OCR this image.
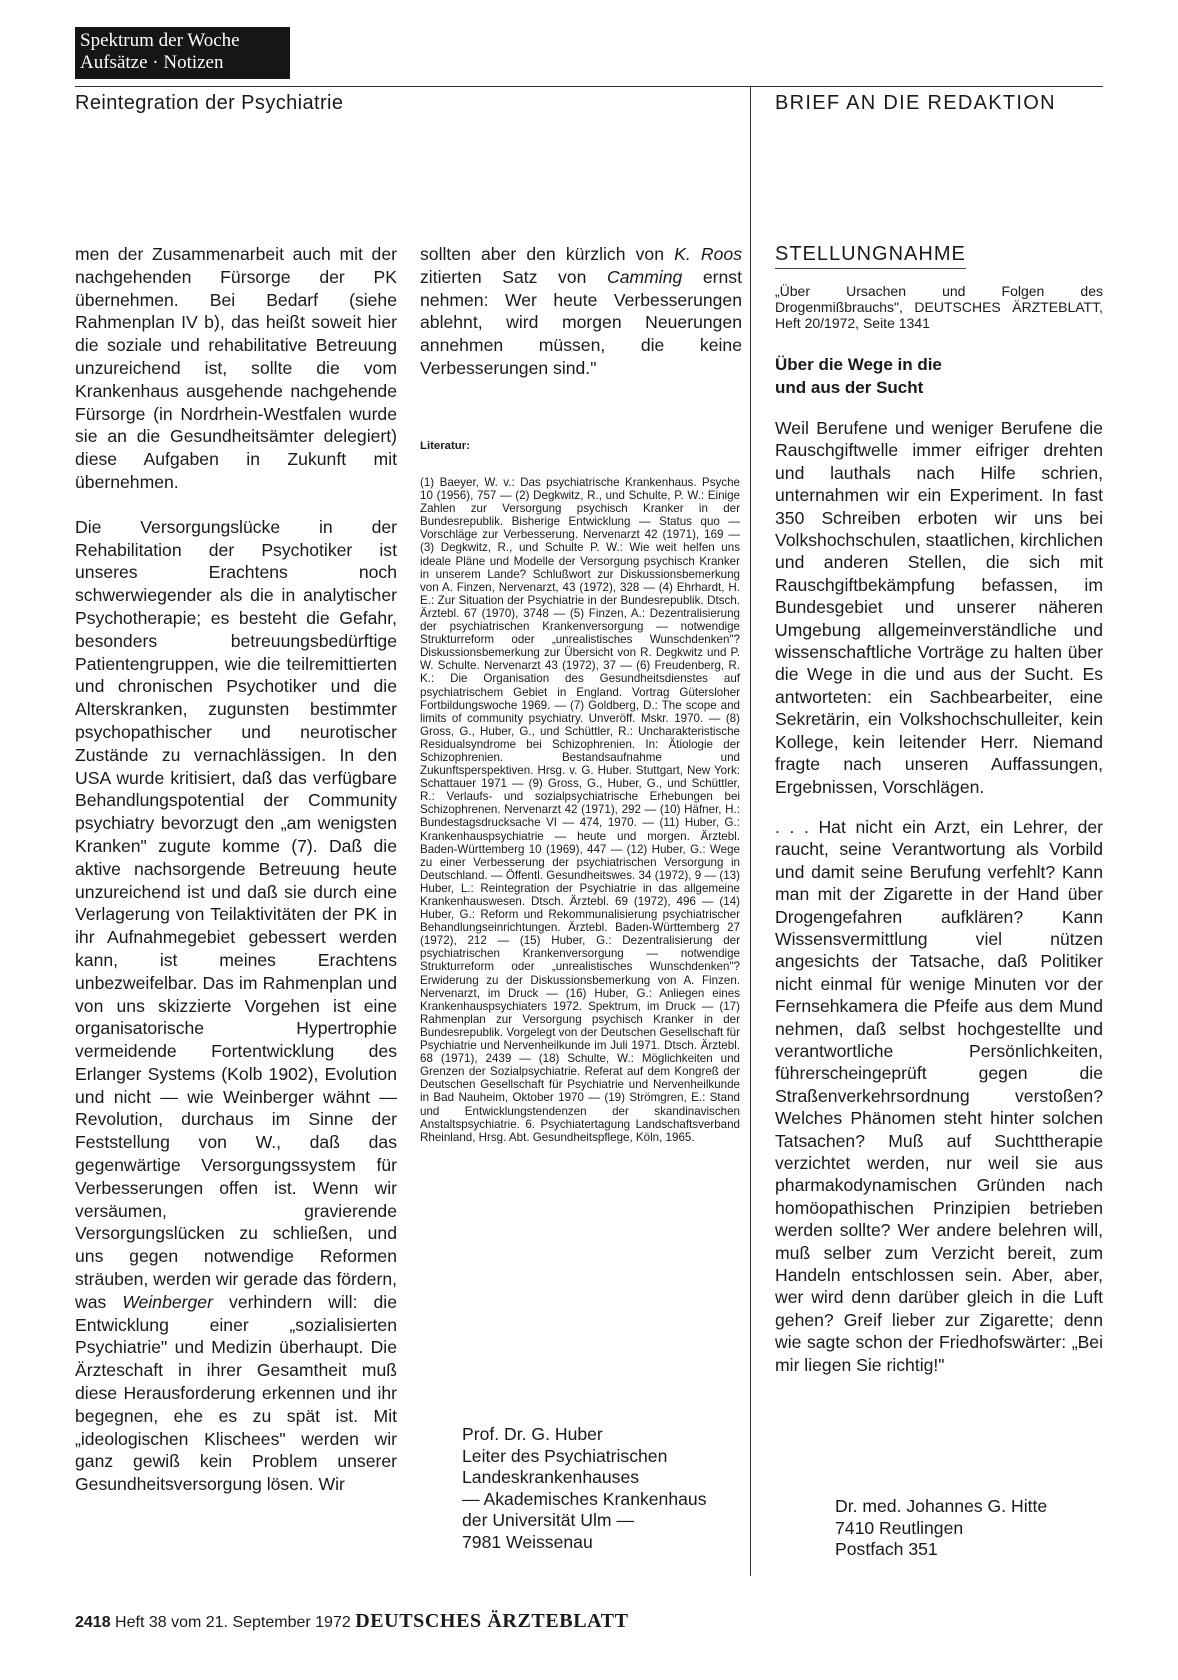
Spektrum der Woche
Aufsätze · Notizen
Reintegration der Psychiatrie	BRIEF AN DIE REDAKTION

men der Zusammenarbeit auch mit der nachgehenden Fürsorge der PK übernehmen. Bei Bedarf (siehe Rahmenplan IV b), das heißt soweit hier die soziale und rehabilitative Betreuung unzureichend ist, sollte die vom Krankenhaus ausgehende nachgehende Fürsorge (in Nordrhein-Westfalen wurde sie an die Gesundheitsämter delegiert) diese Aufgaben in Zukunft mit übernehmen.

Die Versorgungslücke in der Rehabilitation der Psychotiker ist unseres Erachtens noch schwerwiegender als die in analytischer Psychotherapie; es besteht die Gefahr, besonders betreuungsbedürftige Patientengruppen, wie die teilremittierten und chronischen Psychotiker und die Alterskranken, zugunsten bestimmter psychopathischer und neurotischer Zustände zu vernachlässigen. In den USA wurde kritisiert, daß das verfügbare Behandlungspotential der Community psychiatry bevorzugt den „am wenigsten Kranken" zugute komme (7). Daß die aktive nachsorgende Betreuung heute unzureichend ist und daß sie durch eine Verlagerung von Teilaktivitäten der PK in ihr Aufnahmegebiet gebessert werden kann, ist meines Erachtens unbezweifelbar. Das im Rahmenplan und von uns skizzierte Vorgehen ist eine organisatorische Hypertrophie vermeidende Fortentwicklung des Erlanger Systems (Kolb 1902), Evolution und nicht — wie Weinberger wähnt — Revolution, durchaus im Sinne der Feststellung von W., daß das gegenwärtige Versorgungssystem für Verbesserungen offen ist. Wenn wir versäumen, gravierende Versorgungslücken zu schließen, und uns gegen notwendige Reformen sträuben, werden wir gerade das fördern, was Weinberger verhindern will: die Entwicklung einer „sozialisierten Psychiatrie" und Medizin überhaupt. Die Ärzteschaft in ihrer Gesamtheit muß diese Herausforderung erkennen und ihr begegnen, ehe es zu spät ist. Mit „ideologischen Klischees" werden wir ganz gewiß kein Problem unserer Gesundheitsversorgung lösen. Wir

sollten aber den kürzlich von K. Roos zitierten Satz von Camming ernst nehmen: Wer heute Verbesserungen ablehnt, wird morgen Neuerungen annehmen müssen, die keine Verbesserungen sind."

Literatur:
(1) Baeyer, W. v.: Das psychiatrische Krankenhaus. Psyche 10 (1956), 757 — (2) Degkwitz, R., und Schulte, P. W.: Einige Zahlen zur Versorgung psychisch Kranker in der Bundesrepublik. Bisherige Entwicklung — Status quo — Vorschläge zur Verbesserung. Nervenarzt 42 (1971), 169 — (3) Degkwitz, R., und Schulte P. W.: Wie weit helfen uns ideale Pläne und Modelle der Versorgung psychisch Kranker in unserem Lande? Schlußwort zur Diskussionsbemerkung von A. Finzen, Nervenarzt, 43 (1972), 328 — (4) Ehrhardt, H. E.: Zur Situation der Psychiatrie in der Bundesrepublik. Dtsch. Ärztebl. 67 (1970), 3748 — (5) Finzen, A.: Dezentralisierung der psychiatrischen Krankenversorgung — notwendige Strukturreform oder „unrealistisches Wunschdenken"? Diskussionsbemerkung zur Übersicht von R. Degkwitz und P. W. Schulte. Nervenarzt 43 (1972), 37 — (6) Freudenberg, R. K.: Die Organisation des Gesundheitsdienstes auf psychiatrischem Gebiet in England. Vortrag Gütersloher Fortbildungswoche 1969. — (7) Goldberg, D.: The scope and limits of community psychiatry. Unveröff. Mskr. 1970. — (8) Gross, G., Huber, G., und Schüttler, R.: Uncharakteristische Residualsyndrome bei Schizophrenien. In: Ätiologie der Schizophrenien. Bestandsaufnahme und Zukunftsperspektiven. Hrsg. v. G. Huber. Stuttgart, New York: Schattauer 1971 — (9) Gross, G., Huber, G., und Schüttler, R.: Verlaufs- und sozialpsychiatrische Erhebungen bei Schizophrenen. Nervenarzt 42 (1971), 292 — (10) Häfner, H.: Bundestagsdrucksache VI — 474, 1970. — (11) Huber, G.: Krankenhauspsychiatrie — heute und morgen. Ärztebl. Baden-Württemberg 10 (1969), 447 — (12) Huber, G.: Wege zu einer Verbesserung der psychiatrischen Versorgung in Deutschland. — Öffentl. Gesundheitswes. 34 (1972), 9 — (13) Huber, L.: Reintegration der Psychiatrie in das allgemeine Krankenhauswesen. Dtsch. Ärztebl. 69 (1972), 496 — (14) Huber, G.: Reform und Rekommunalisierung psychiatrischer Behandlungseinrichtungen. Ärztebl. Baden-Württemberg 27 (1972), 212 — (15) Huber, G.: Dezentralisierung der psychiatrischen Krankenversorgung — notwendige Strukturreform oder „unrealistisches Wunschdenken"? Erwiderung zu der Diskussionsbemerkung von A. Finzen. Nervenarzt, im Druck — (16) Huber, G.: Anliegen eines Krankenhauspsychiaters 1972. Spektrum, im Druck — (17) Rahmenplan zur Versorgung psychisch Kranker in der Bundesrepublik. Vorgelegt von der Deutschen Gesellschaft für Psychiatrie und Nervenheilkunde im Juli 1971. Dtsch. Ärztebl. 68 (1971), 2439 — (18) Schulte, W.: Möglichkeiten und Grenzen der Sozialpsychiatrie. Referat auf dem Kongreß der Deutschen Gesellschaft für Psychiatrie und Nervenheilkunde in Bad Nauheim, Oktober 1970 — (19) Strömgren, E.: Stand und Entwicklungstendenzen der skandinavischen Anstaltspsychiatrie. 6. Psychiatertagung Landschaftsverband Rheinland, Hrsg. Abt. Gesundheitspflege, Köln, 1965.
Prof. Dr. G. Huber
Leiter des Psychiatrischen
Landeskrankenhauses
— Akademisches Krankenhaus
der Universität Ulm —
7981 Weissenau

STELLUNGNAHME

„Über Ursachen und Folgen des Drogenmißbrauchs", DEUTSCHES ÄRZTEBLATT, Heft 20/1972, Seite 1341

Über die Wege in die
und aus der Sucht

Weil Berufene und weniger Berufene die Rauschgiftwelle immer eifriger drehten und lauthals nach Hilfe schrien, unternahmen wir ein Experiment. In fast 350 Schreiben erboten wir uns bei Volkshochschulen, staatlichen, kirchlichen und anderen Stellen, die sich mit Rauschgiftbekämpfung befassen, im Bundesgebiet und unserer näheren Umgebung allgemeinverständliche und wissenschaftliche Vorträge zu halten über die Wege in die und aus der Sucht. Es antworteten: ein Sachbearbeiter, eine Sekretärin, ein Volkshochschulleiter, kein Kollege, kein leitender Herr. Niemand fragte nach unseren Auffassungen, Ergebnissen, Vorschlägen.

. . . Hat nicht ein Arzt, ein Lehrer, der raucht, seine Verantwortung als Vorbild und damit seine Berufung verfehlt? Kann man mit der Zigarette in der Hand über Drogengefahren aufklären? Kann Wissensvermittlung viel nützen angesichts der Tatsache, daß Politiker nicht einmal für wenige Minuten vor der Fernsehkamera die Pfeife aus dem Mund nehmen, daß selbst hochgestellte und verantwortliche Persönlichkeiten, führerscheingeprüft gegen die Straßenverkehrsordnung verstoßen? Welches Phänomen steht hinter solchen Tatsachen? Muß auf Suchttherapie verzichtet werden, nur weil sie aus pharmakodynamischen Gründen nach homöopathischen Prinzipien betrieben werden sollte? Wer andere belehren will, muß selber zum Verzicht bereit, zum Handeln entschlossen sein. Aber, aber, wer wird denn darüber gleich in die Luft gehen? Greif lieber zur Zigarette; denn wie sagte schon der Friedhofswärter: „Bei mir liegen Sie richtig!"

Dr. med. Johannes G. Hitte
7410 Reutlingen
Postfach 351
2418 Heft 38 vom 21. September 1972 DEUTSCHES ÄRZTEBLATT
